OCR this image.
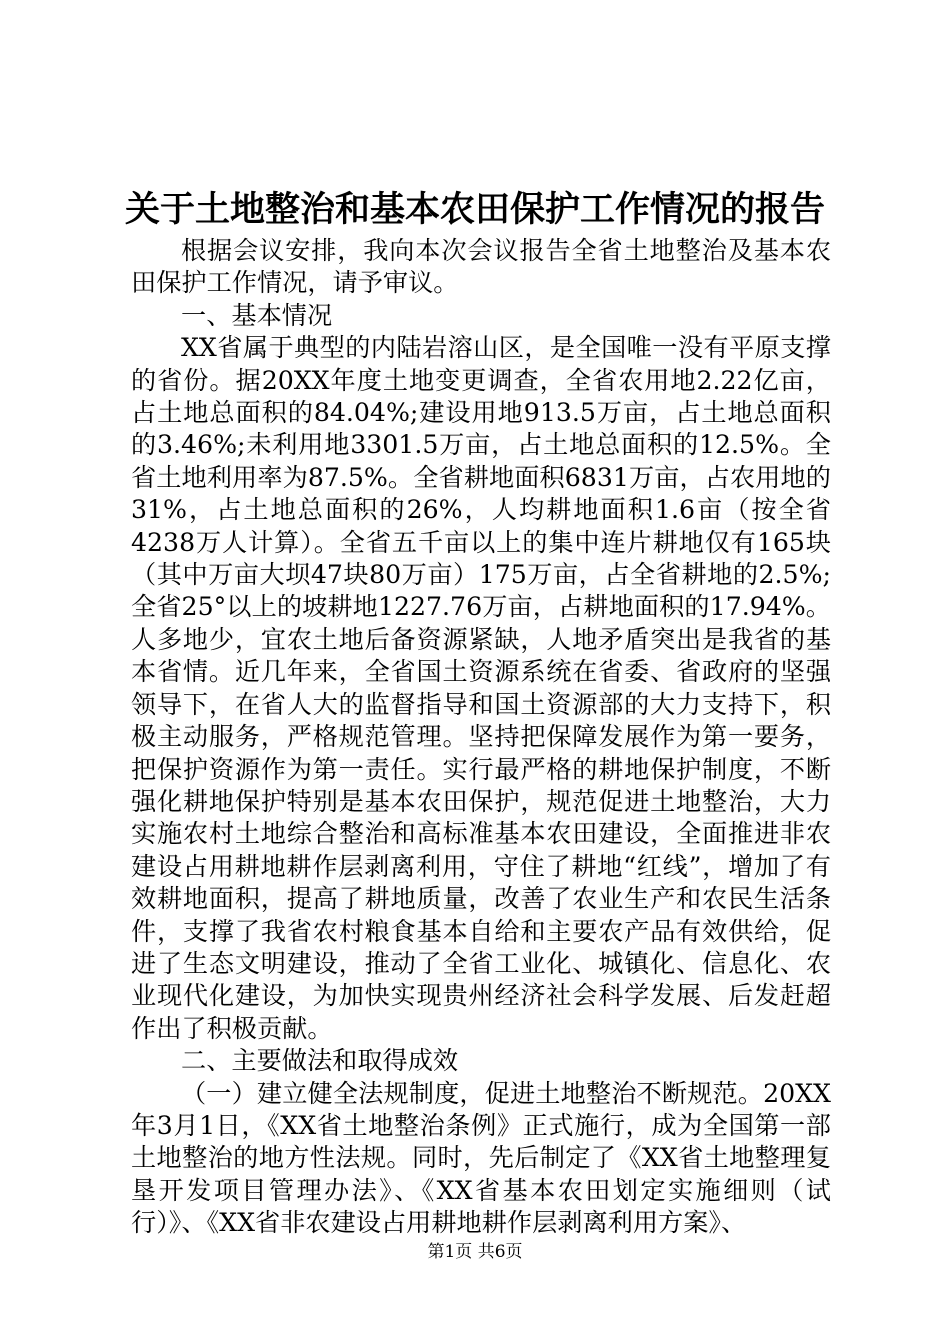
关于土地整治和基本农田保护工作情况的报告

根据会议安排，我向本次会议报告全省土地整治及基本农田保护工作情况，请予审议。

一、基本情况

XX省属于典型的内陆岩溶山区，是全国唯一没有平原支撑的省份。据20XX年度土地变更调查，全省农用地2.22亿亩，占土地总面积的84.04%;建设用地913.5万亩，占土地总面积的3.46%;未利用地3301.5万亩，占土地总面积的12.5%。全省土地利用率为87.5%。全省耕地面积6831万亩，占农用地的31%，占土地总面积的26%，人均耕地面积1.6亩（按全省4238万人计算）。全省五千亩以上的集中连片耕地仅有165块（其中万亩大坝47块80万亩）175万亩，占全省耕地的2.5%;全省25°以上的坡耕地1227.76万亩，占耕地面积的17.94%。人多地少，宜农土地后备资源紧缺，人地矛盾突出是我省的基本省情。近几年来，全省国土资源系统在省委、省政府的坚强领导下，在省人大的监督指导和国土资源部的大力支持下，积极主动服务，严格规范管理。坚持把保障发展作为第一要务，把保护资源作为第一责任。实行最严格的耕地保护制度，不断强化耕地保护特别是基本农田保护，规范促进土地整治，大力实施农村土地综合整治和高标准基本农田建设，全面推进非农建设占用耕地耕作层剥离利用，守住了耕地“红线”，增加了有效耕地面积，提高了耕地质量，改善了农业生产和农民生活条件，支撑了我省农村粮食基本自给和主要农产品有效供给，促进了生态文明建设，推动了全省工业化、城镇化、信息化、农业现代化建设，为加快实现贵州经济社会科学发展、后发赶超作出了积极贡献。

二、主要做法和取得成效

（一）建立健全法规制度，促进土地整治不断规范。20XX年3月1日，《XX省土地整治条例》正式施行，成为全国第一部土地整治的地方性法规。同时，先后制定了《XX省土地整理复垦开发项目管理办法》、《XX省基本农田划定实施细则（试行）》、《XX省非农建设占用耕地耕作层剥离利用方案》、

第1页 共6页
